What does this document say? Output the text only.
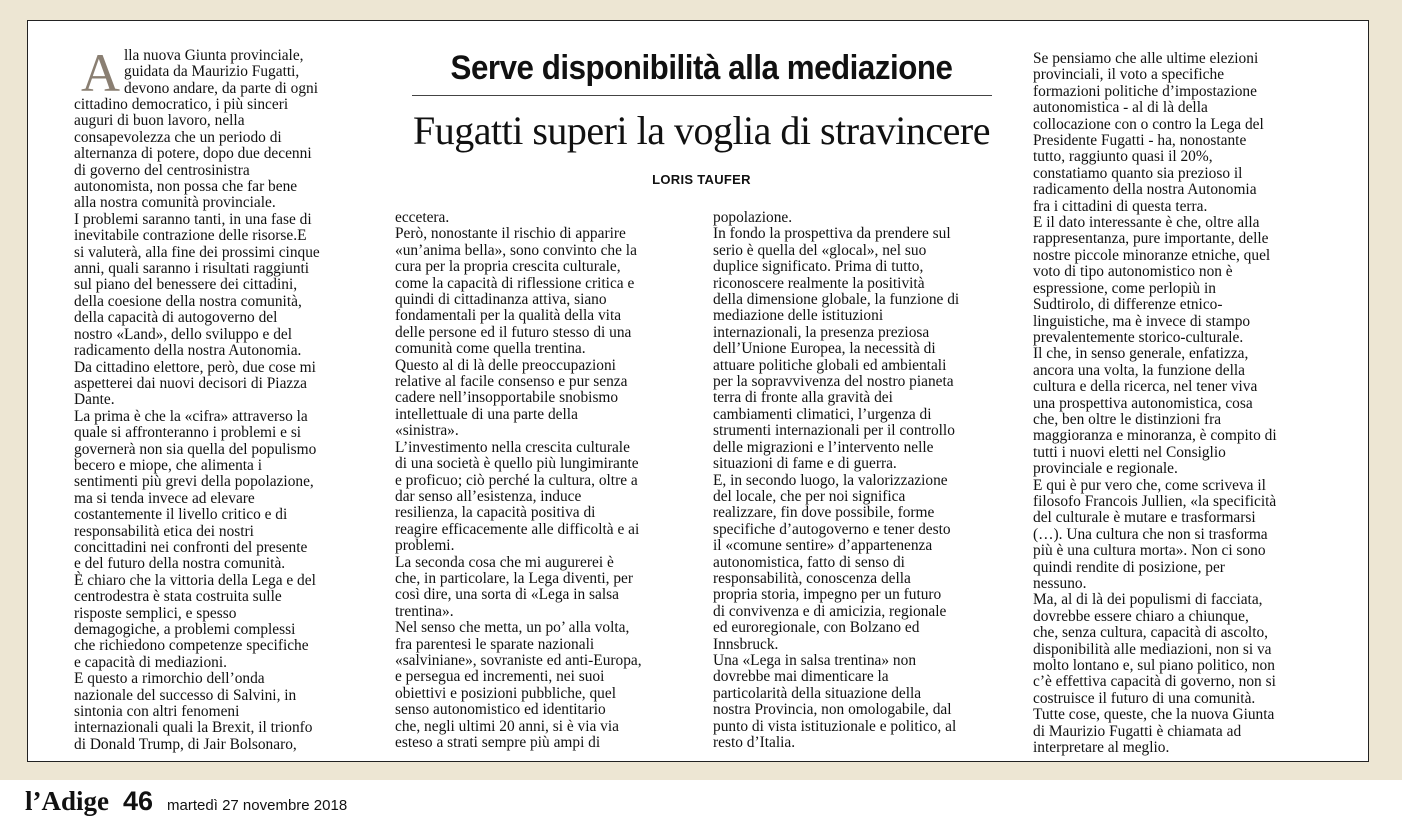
A lla nuova Giunta provinciale,
guidata da Maurizio Fugatti,
devono andare, da parte di ogni
cittadino democratico, i più sinceri
auguri di buon lavoro, nella
consapevolezza che un periodo di
alternanza di potere, dopo due decenni
di governo del centrosinistra
autonomista, non possa che far bene
alla nostra comunità provinciale.
I problemi saranno tanti, in una fase di
inevitabile contrazione delle risorse.E
si valuterà, alla fine dei prossimi cinque
anni, quali saranno i risultati raggiunti
sul piano del benessere dei cittadini,
della coesione della nostra comunità,
della capacità di autogoverno del
nostro «Land», dello sviluppo e del
radicamento della nostra Autonomia.
Da cittadino elettore, però, due cose mi
aspetterei dai nuovi decisori di Piazza
Dante.
La prima è che la «cifra» attraverso la
quale si affronteranno i problemi e si
governerà non sia quella del populismo
becero e miope, che alimenta i
sentimenti più grevi della popolazione,
ma si tenda invece ad elevare
costantemente il livello critico e di
responsabilità etica dei nostri
concittadini nei confronti del presente
e del futuro della nostra comunità.
È chiaro che la vittoria della Lega e del
centrodestra è stata costruita sulle
risposte semplici, e spesso
demagogiche, a problemi complessi
che richiedono competenze specifiche
e capacità di mediazioni.
E questo a rimorchio dell’onda
nazionale del successo di Salvini, in
sintonia con altri fenomeni
internazionali quali la Brexit, il trionfo
di Donald Trump, di Jair Bolsonaro,
Serve disponibilità alla mediazione
Fugatti superi la voglia di stravincere
LORIS TAUFER
eccetera.
Però, nonostante il rischio di apparire
«un’anima bella», sono convinto che la
cura per la propria crescita culturale,
come la capacità di riflessione critica e
quindi di cittadinanza attiva, siano
fondamentali per la qualità della vita
delle persone ed il futuro stesso di una
comunità come quella trentina.
Questo al di là delle preoccupazioni
relative al facile consenso e pur senza
cadere nell’insopportabile snobismo
intellettuale di una parte della
«sinistra».
L’investimento nella crescita culturale
di una società è quello più lungimirante
e proficuo; ciò perché la cultura, oltre a
dar senso all’esistenza, induce
resilienza, la capacità positiva di
reagire efficacemente alle difficoltà e ai
problemi.
La seconda cosa che mi augurerei è
che, in particolare, la Lega diventi, per
così dire, una sorta di «Lega in salsa
trentina».
Nel senso che metta, un po’ alla volta,
fra parentesi le sparate nazionali
«salviniane», sovraniste ed anti-Europa,
e persegua ed incrementi, nei suoi
obiettivi e posizioni pubbliche, quel
senso autonomistico ed identitario
che, negli ultimi 20 anni, si è via via
esteso a strati sempre più ampi di
popolazione.
In fondo la prospettiva da prendere sul
serio è quella del «glocal», nel suo
duplice significato. Prima di tutto,
riconoscere realmente la positività
della dimensione globale, la funzione di
mediazione delle istituzioni
internazionali, la presenza preziosa
dell’Unione Europea, la necessità di
attuare politiche globali ed ambientali
per la sopravvivenza del nostro pianeta
terra di fronte alla gravità dei
cambiamenti climatici, l’urgenza di
strumenti internazionali per il controllo
delle migrazioni e l’intervento nelle
situazioni di fame e di guerra.
E, in secondo luogo, la valorizzazione
del locale, che per noi significa
realizzare, fin dove possibile, forme
specifiche d’autogoverno e tener desto
il «comune sentire» d’appartenenza
autonomistica, fatto di senso di
responsabilità, conoscenza della
propria storia, impegno per un futuro
di convivenza e di amicizia, regionale
ed euroregionale, con Bolzano ed
Innsbruck.
Una «Lega in salsa trentina» non
dovrebbe mai dimenticare la
particolarità della situazione della
nostra Provincia, non omologabile, dal
punto di vista istituzionale e politico, al
resto d’Italia.
Se pensiamo che alle ultime elezioni
provinciali, il voto a specifiche
formazioni politiche d’impostazione
autonomistica - al di là della
collocazione con o contro la Lega del
Presidente Fugatti - ha, nonostante
tutto, raggiunto quasi il 20%,
constatiamo quanto sia prezioso il
radicamento della nostra Autonomia
fra i cittadini di questa terra.
E il dato interessante è che, oltre alla
rappresentanza, pure importante, delle
nostre piccole minoranze etniche, quel
voto di tipo autonomistico non è
espressione, come perlopiù in
Sudtirolo, di differenze etnico-
linguistiche, ma è invece di stampo
prevalentemente storico-culturale.
Il che, in senso generale, enfatizza,
ancora una volta, la funzione della
cultura e della ricerca, nel tener viva
una prospettiva autonomistica, cosa
che, ben oltre le distinzioni fra
maggioranza e minoranza, è compito di
tutti i nuovi eletti nel Consiglio
provinciale e regionale.
E qui è pur vero che, come scriveva il
filosofo Francois Jullien, «la specificità
del culturale è mutare e trasformarsi
(…). Una cultura che non si trasforma
più è una cultura morta». Non ci sono
quindi rendite di posizione, per
nessuno.
Ma, al di là dei populismi di facciata,
dovrebbe essere chiaro a chiunque,
che, senza cultura, capacità di ascolto,
disponibilità alle mediazioni, non si va
molto lontano e, sul piano politico, non
c’è effettiva capacità di governo, non si
costruisce il futuro di una comunità.
Tutte cose, queste, che la nuova Giunta
di Maurizio Fugatti è chiamata ad
interpretare al meglio.
l’Adige 46 martedì 27 novembre 2018
